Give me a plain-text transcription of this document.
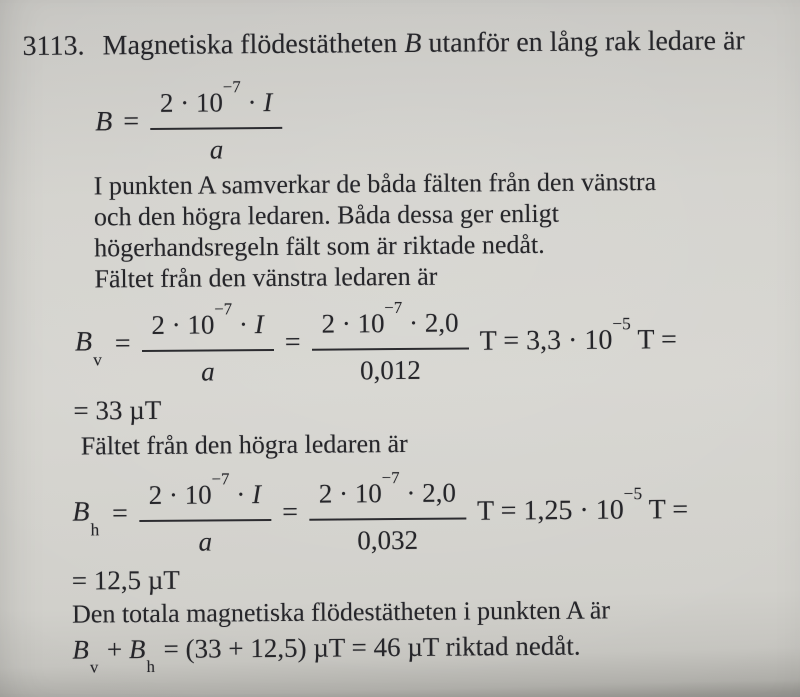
3113. Magnetiska flödestätheten B utanför en lång rak ledare är
$B = \frac{2 \cdot 10^{-7} \cdot I}{a}$
I punkten A samverkar de båda fälten från den vänstra
och den högra ledaren. Båda dessa ger enligt
högerhandsregeln fält som är riktade nedåt.
Fältet från den vänstra ledaren är
$B_v$
= $\frac{2 \cdot 10^{-7} \cdot I}{a} = \frac{2 \cdot 10^{-7} \cdot 2,0}{0,012}$ $T = 3,3 \cdot 10^{-5}$ T =
= 33 µT
Fältet från den högra ledaren är
$B_h$
= $\frac{2 \cdot 10^{-7} \cdot I}{a} = \frac{2 \cdot 10^{-7} \cdot 2,0}{0,032}$ $T = 1,25 \cdot 10^{-5}$ T =
= 12,5 µT
Den totala magnetiska flödestätheten i punkten A är
$B_v + B_h = (33 + 12,5) \mu T = 46$ µT riktad nedåt.
